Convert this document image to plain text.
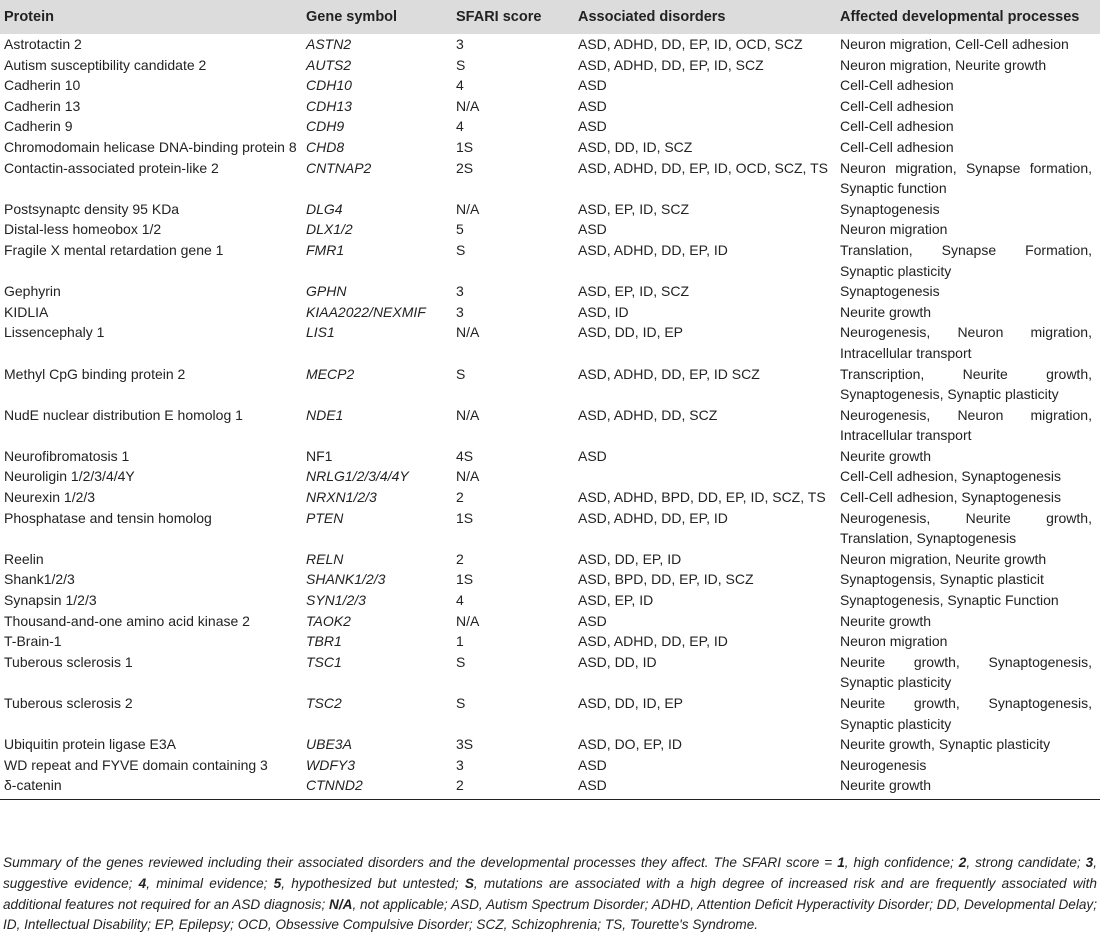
Protein	Gene symbol	SFARI score	Associated disorders	Affected developmental processes
Astrotactin 2	ASTN2	3	ASD, ADHD, DD, EP, ID, OCD, SCZ	Neuron migration, Cell-Cell adhesion
Autism susceptibility candidate 2	AUTS2	S	ASD, ADHD, DD, EP, ID, SCZ	Neuron migration, Neurite growth
Cadherin 10	CDH10	4	ASD	Cell-Cell adhesion
Cadherin 13	CDH13	N/A	ASD	Cell-Cell adhesion
Cadherin 9	CDH9	4	ASD	Cell-Cell adhesion
Chromodomain helicase DNA-binding protein 8	CHD8	1S	ASD, DD, ID, SCZ	Cell-Cell adhesion
Contactin-associated protein-like 2	CNTNAP2	2S	ASD, ADHD, DD, EP, ID, OCD, SCZ, TS	Neuron migration, Synapse formation, Synaptic function
Postsynaptc density 95 KDa	DLG4	N/A	ASD, EP, ID, SCZ	Synaptogenesis
Distal-less homeobox 1/2	DLX1/2	5	ASD	Neuron migration
Fragile X mental retardation gene 1	FMR1	S	ASD, ADHD, DD, EP, ID	Translation, Synapse Formation, Synaptic plasticity
Gephyrin	GPHN	3	ASD, EP, ID, SCZ	Synaptogenesis
KIDLIA	KIAA2022/NEXMIF	3	ASD, ID	Neurite growth
Lissencephaly 1	LIS1	N/A	ASD, DD, ID, EP	Neurogenesis, Neuron migration, Intracellular transport
Methyl CpG binding protein 2	MECP2	S	ASD, ADHD, DD, EP, ID SCZ	Transcription, Neurite growth, Synaptogenesis, Synaptic plasticity
NudE nuclear distribution E homolog 1	NDE1	N/A	ASD, ADHD, DD, SCZ	Neurogenesis, Neuron migration, Intracellular transport
Neurofibromatosis 1	NF1	4S	ASD	Neurite growth
Neuroligin 1/2/3/4/4Y	NRLG1/2/3/4/4Y	N/A		Cell-Cell adhesion, Synaptogenesis
Neurexin 1/2/3	NRXN1/2/3	2	ASD, ADHD, BPD, DD, EP, ID, SCZ, TS	Cell-Cell adhesion, Synaptogenesis
Phosphatase and tensin homolog	PTEN	1S	ASD, ADHD, DD, EP, ID	Neurogenesis, Neurite growth, Translation, Synaptogenesis
Reelin	RELN	2	ASD, DD, EP, ID	Neuron migration, Neurite growth
Shank1/2/3	SHANK1/2/3	1S	ASD, BPD, DD, EP, ID, SCZ	Synaptogensis, Synaptic plasticit
Synapsin 1/2/3	SYN1/2/3	4	ASD, EP, ID	Synaptogenesis, Synaptic Function
Thousand-and-one amino acid kinase 2	TAOK2	N/A	ASD	Neurite growth
T-Brain-1	TBR1	1	ASD, ADHD, DD, EP, ID	Neuron migration
Tuberous sclerosis 1	TSC1	S	ASD, DD, ID	Neurite growth, Synaptogenesis, Synaptic plasticity
Tuberous sclerosis 2	TSC2	S	ASD, DD, ID, EP	Neurite growth, Synaptogenesis, Synaptic plasticity
Ubiquitin protein ligase E3A	UBE3A	3S	ASD, DO, EP, ID	Neurite growth, Synaptic plasticity
WD repeat and FYVE domain containing 3	WDFY3	3	ASD	Neurogenesis
δ-catenin	CTNND2	2	ASD	Neurite growth
Summary of the genes reviewed including their associated disorders and the developmental processes they affect. The SFARI score = 1, high confidence; 2, strong candidate; 3, suggestive evidence; 4, minimal evidence; 5, hypothesized but untested; S, mutations are associated with a high degree of increased risk and are frequently associated with additional features not required for an ASD diagnosis; N/A, not applicable; ASD, Autism Spectrum Disorder; ADHD, Attention Deficit Hyperactivity Disorder; DD, Developmental Delay; ID, Intellectual Disability; EP, Epilepsy; OCD, Obsessive Compulsive Disorder; SCZ, Schizophrenia; TS, Tourette's Syndrome.
